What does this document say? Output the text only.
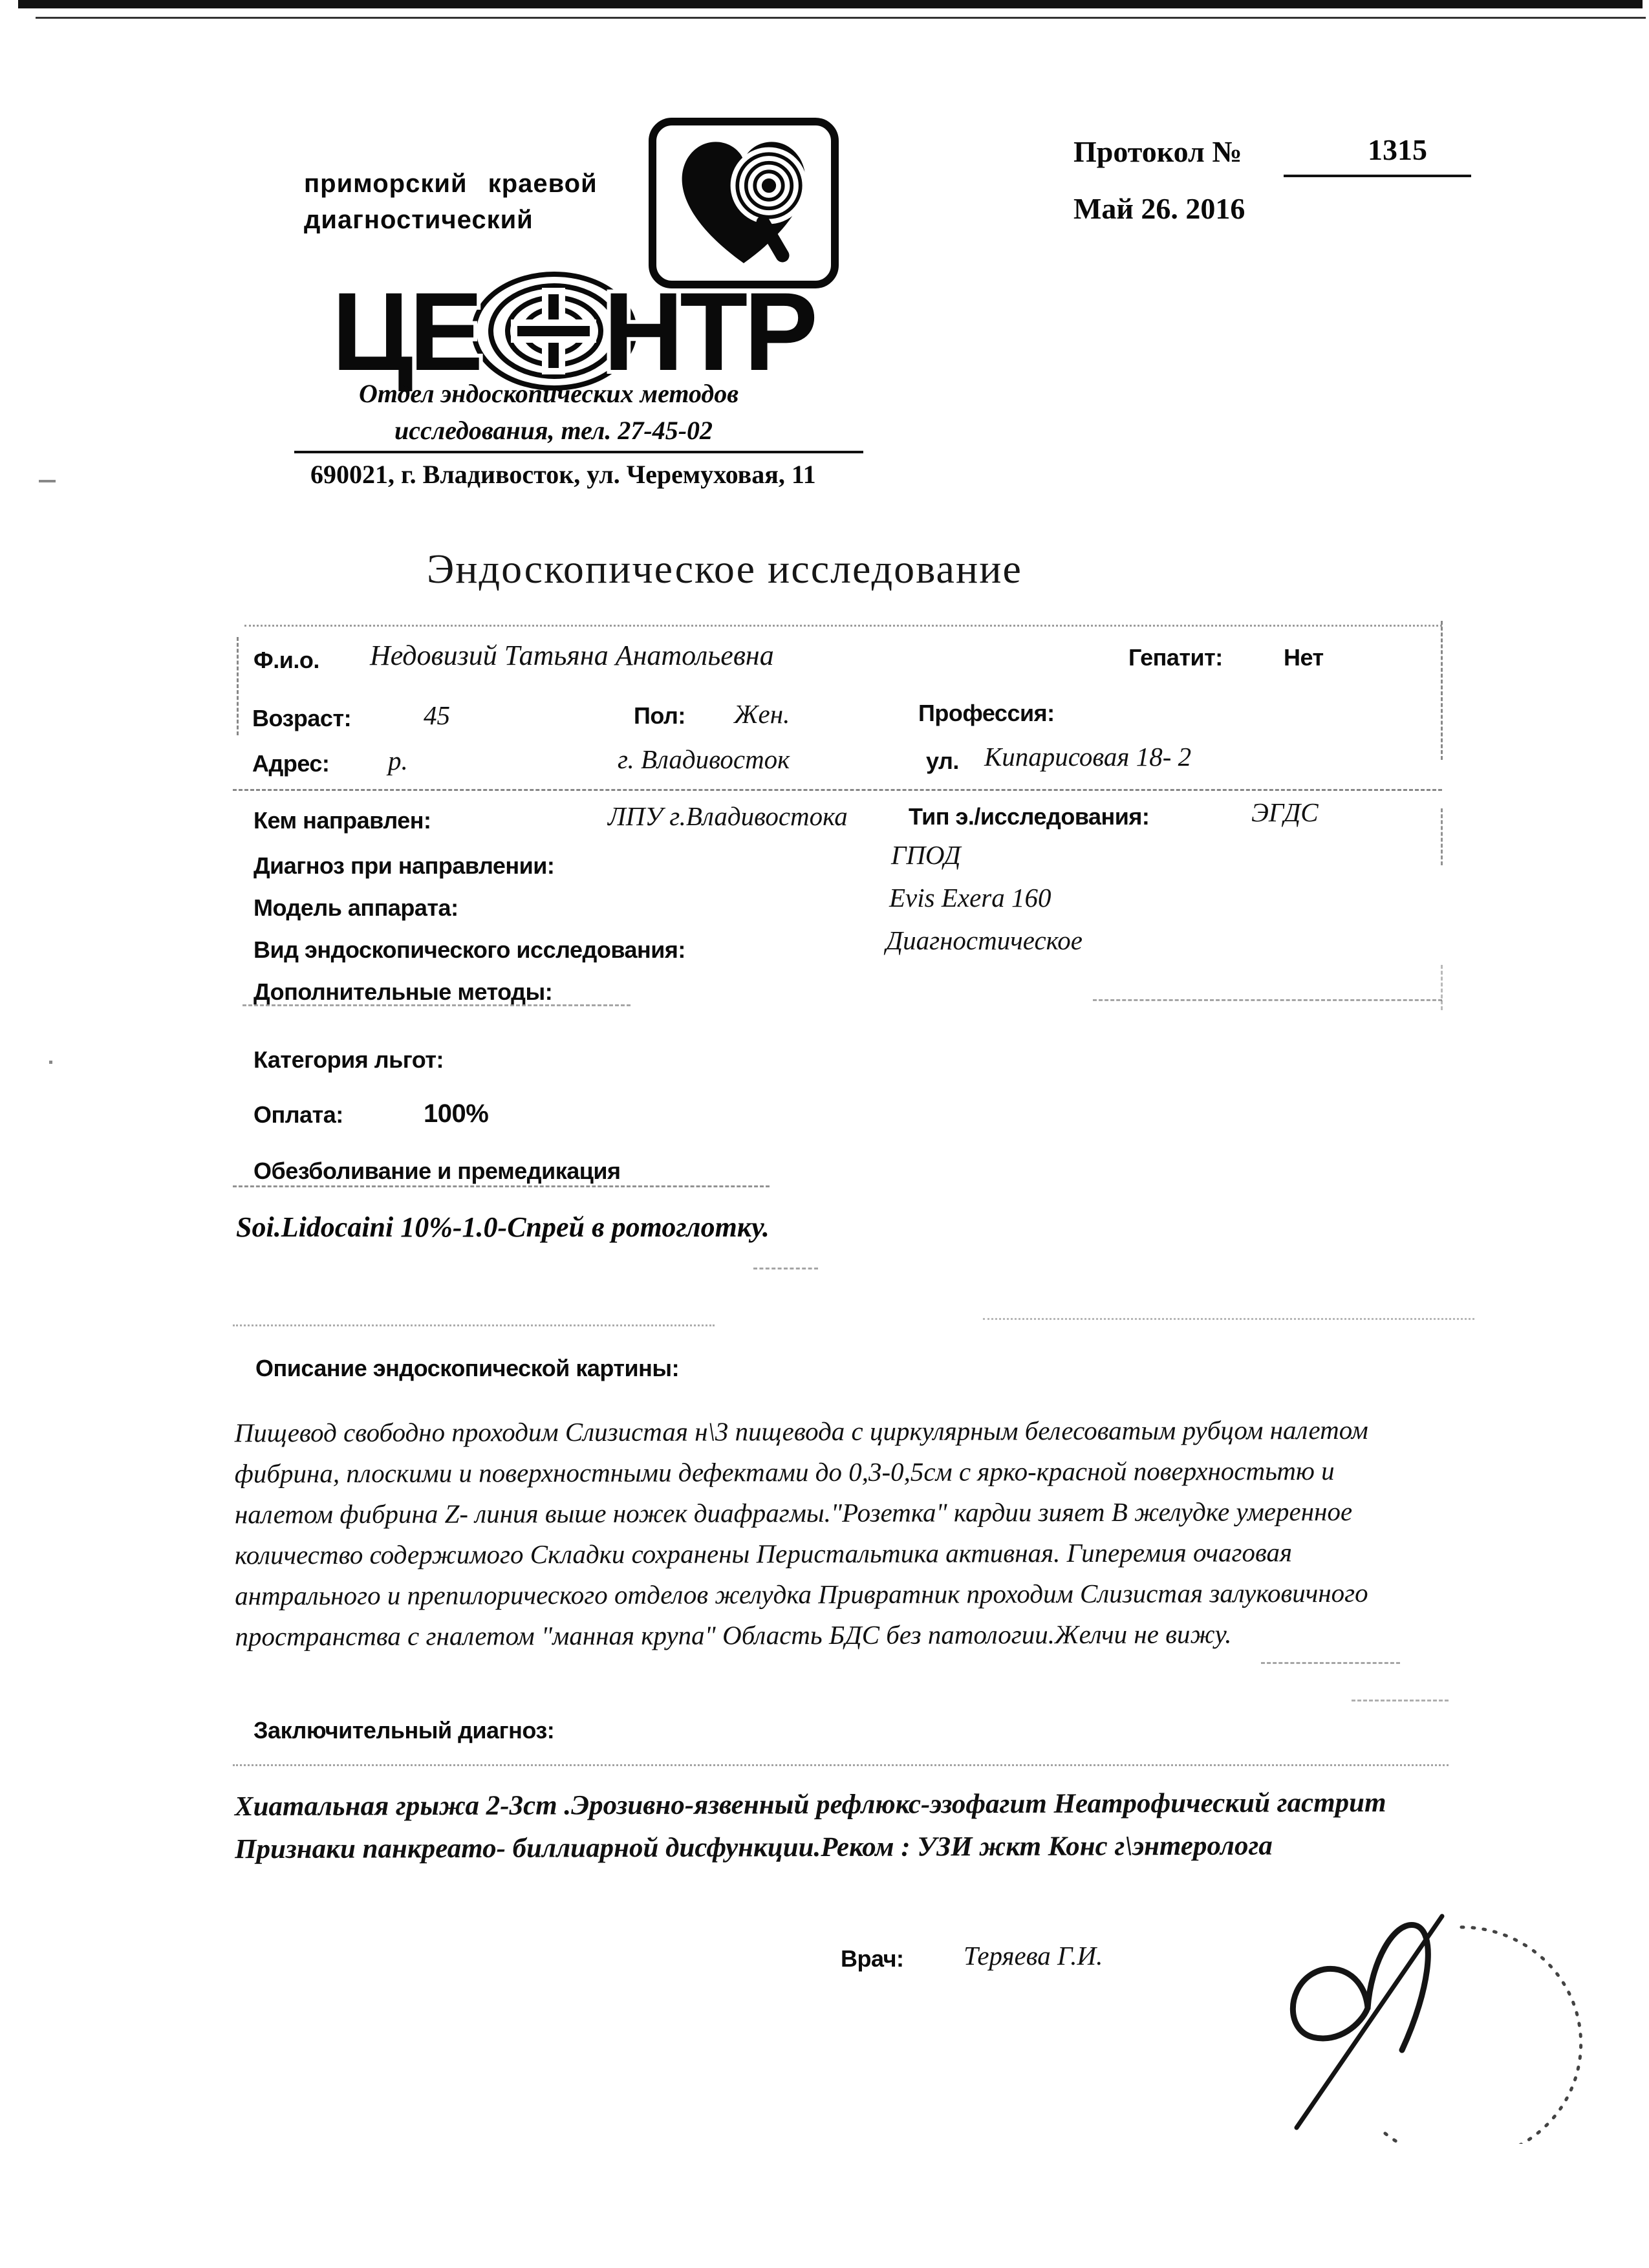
приморский краевой
диагностический
ЦЕ НТР
Отдел эндоскопических методов
исследования, тел. 27-45-02
690021, г. Владивосток, ул. Черемуховая, 11
Протокол №	1315
Май 26. 2016
Эндоскопическое исследование
Ф.и.о. Недовизий Татьяна Анатольевна	Гепатит:	Нет
Возраст:	45	Пол: Жен.	Профессия:
Адрес: р.	г. Владивосток	ул. Кипарисовая 18- 2
Кем направлен:	ЛПУ г.Владивостока	Тип э./исследования:	ЭГДС
Диагноз при направлении:	ГПОД
Модель аппарата:	Evis Exera 160
Вид эндоскопического исследования:	Диагностическое
Дополнительные методы:
Категория льгот:
Оплата:	100%
Обезболивание и премедикация
Soi.Lidocaini 10%-1.0-Спрей в ротоглотку.
Описание эндоскопической картины:
Пищевод свободно проходим Слизистая н\3 пищевода с циркулярным белесоватым рубцом налетом фибрина, плоскими и поверхностными дефектами до 0,3-0,5см с ярко-красной поверхностьтю и налетом фибрина Z- линия выше ножек диафрагмы."Розетка" кардии зияет В желудке умеренное количество содержимого Складки сохранены Перистальтика активная. Гиперемия очаговая антрального и препилорического отделов желудка Привратник проходим Слизистая залуковичного пространства с гналетом "манная крупа" Область БДС без патологии.Желчи не вижу.
Заключительный диагноз:
Хиатальная грыжа 2-3ст .Эрозивно-язвенный рефлюкс-эзофагит Неатрофический гастрит Признаки панкреато- биллиарной дисфункции.Реком : УЗИ жкт Конс г\энтеролога
Врач: Теряева Г.И.
